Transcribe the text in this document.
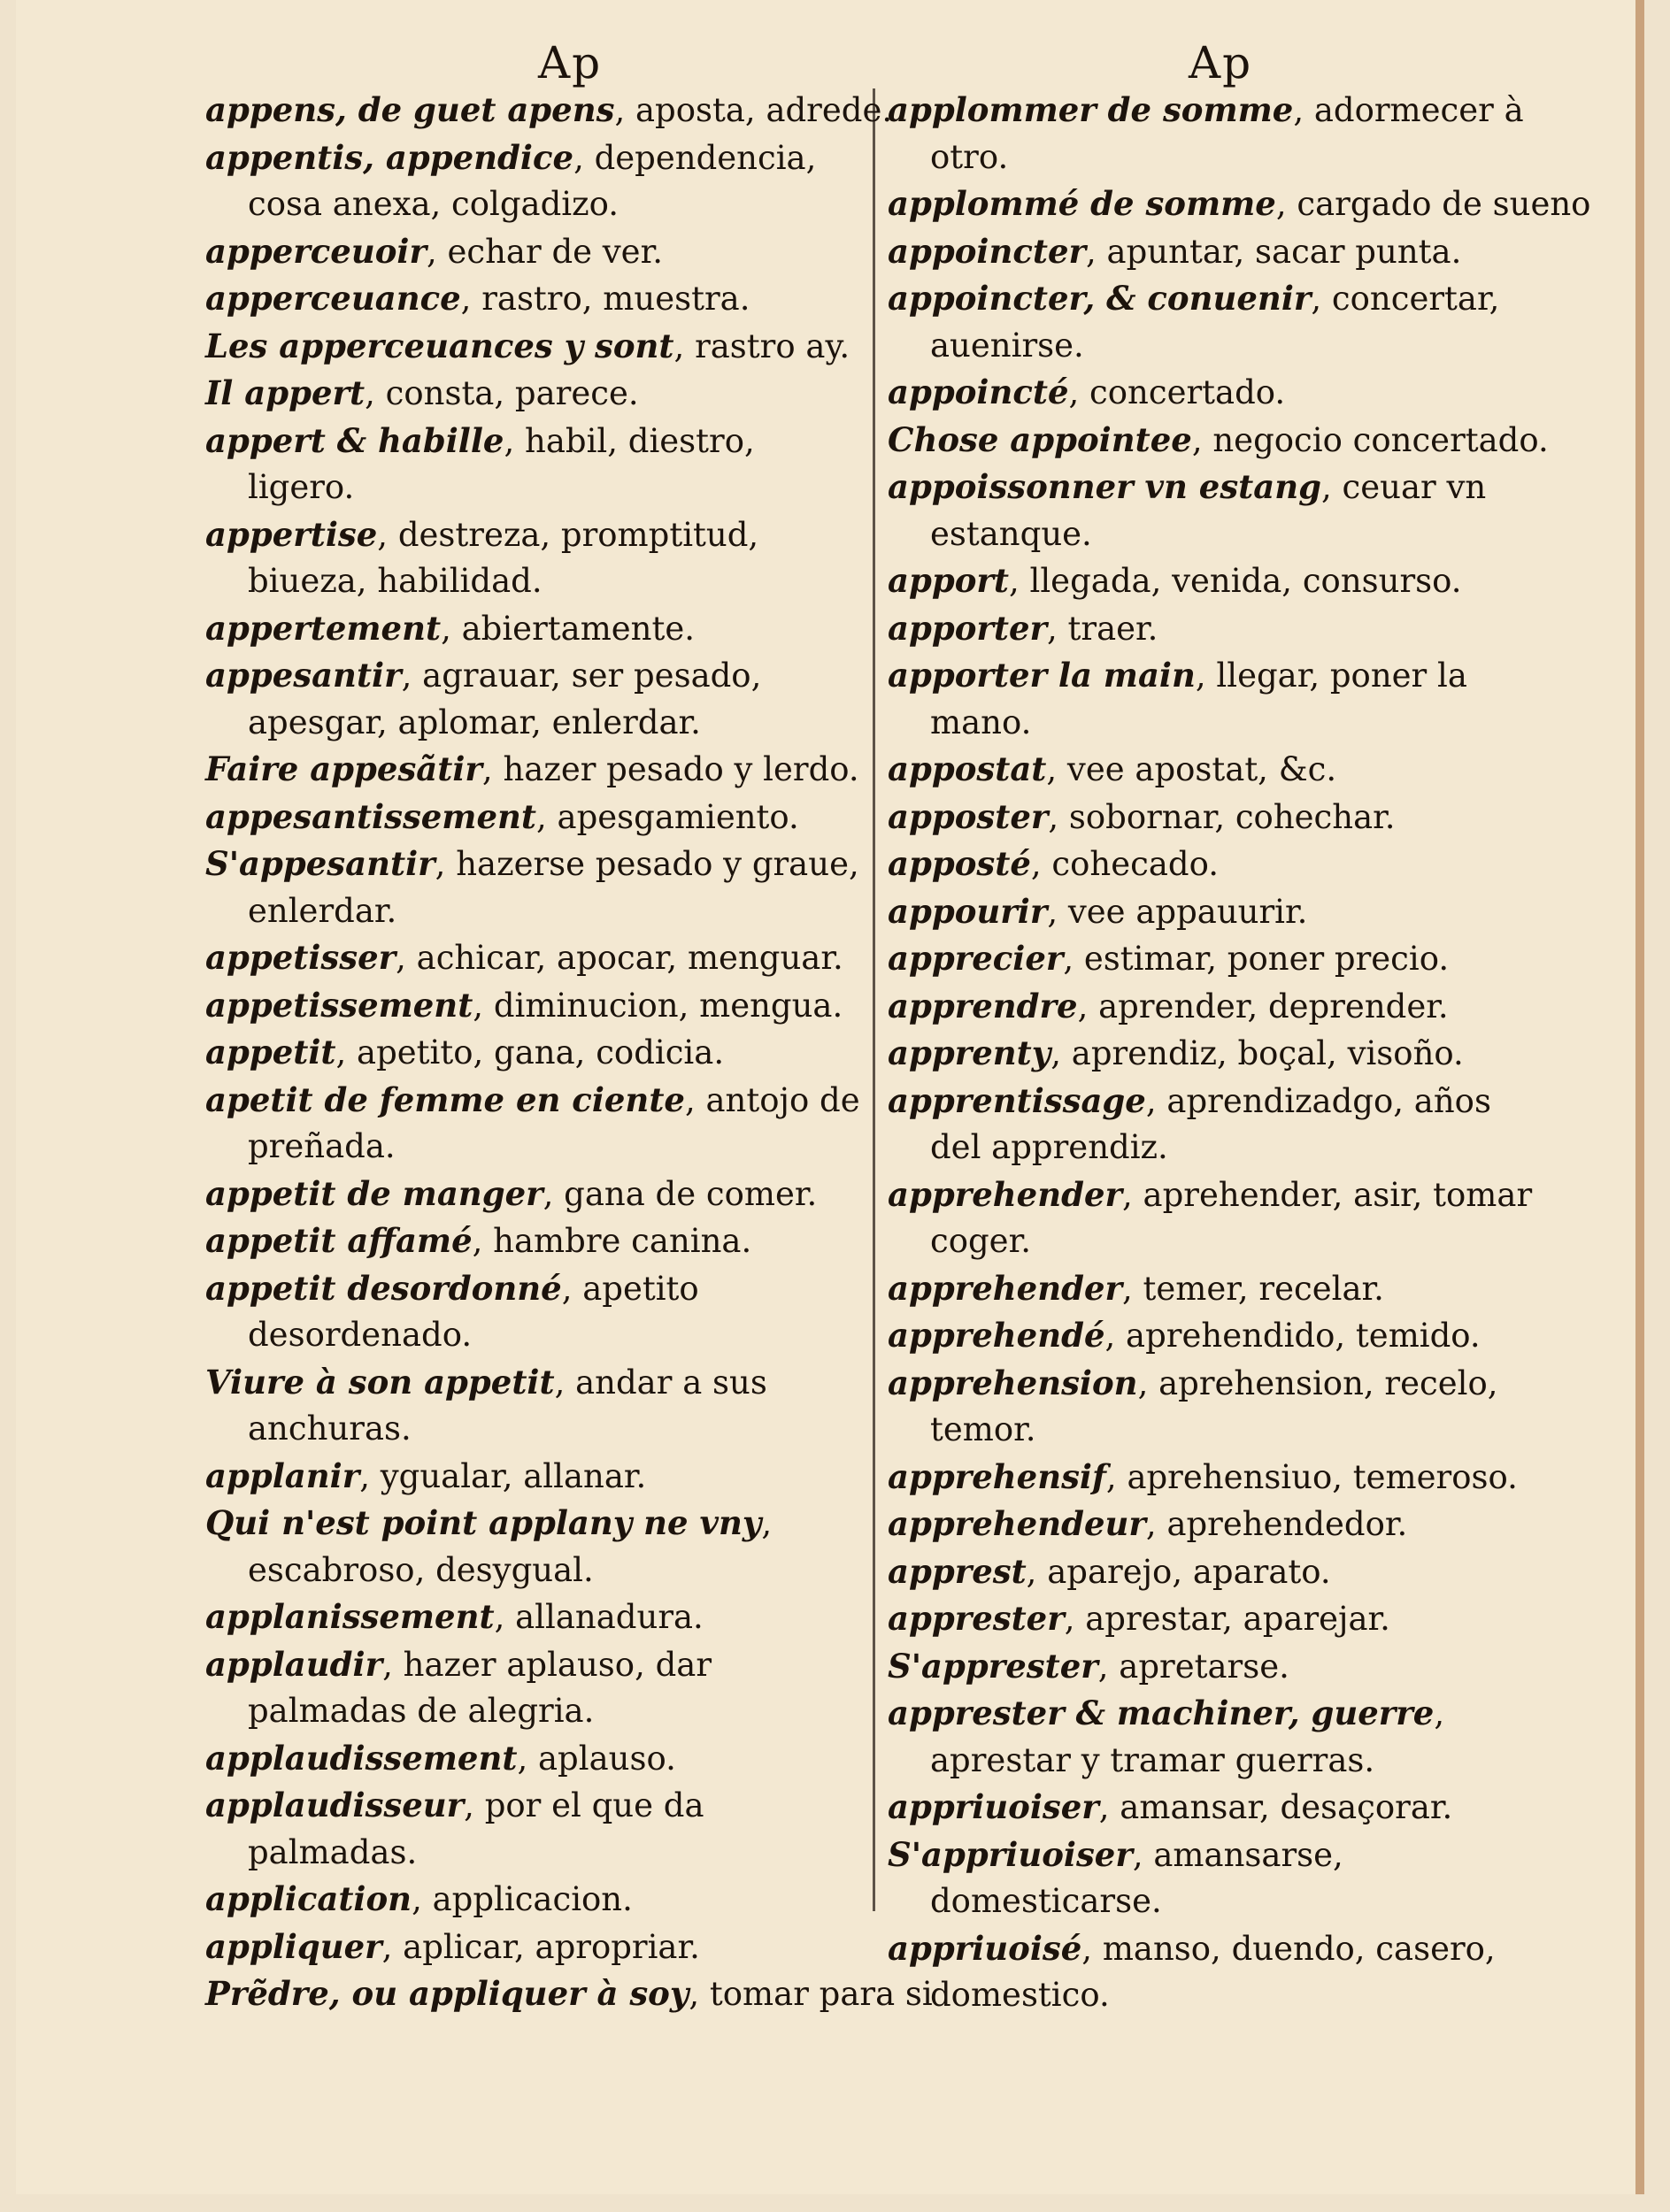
Ap	Ap
appens, de guet apens, aposta, adrede.
appentis, appendice, dependencia, cosa anexa, colgadizo.
apperceuoir, echar de ver.
apperceuance, rastro, muestra.
Les apperceuances y sont, rastro ay.
Il appert, consta, parece.
appert & habille, habil, diestro, ligero.
appertise, destreza, promptitud, biueza, habilidad.
appertement, abiertamente.
appesantir, agrauar, ser pesado, apesgar, aplomar, enlerdar.
Faire appesãtir, hazer pesado y lerdo.
appesantissement, apesgamiento.
S'appesantir, hazerse pesado y graue, enlerdar.
appetisser, achicar, apocar, menguar.
appetissement, diminucion, mengua.
appetit, apetito, gana, codicia.
apetit de femme en ciente, antojo de preñada.
appetit de manger, gana de comer.
appetit affamé, hambre canina.
appetit desordonné, apetito desordenado.
Viure à son appetit, andar a sus anchuras.
applanir, ygualar, allanar.
Qui n'est point applany ne vny, escabroso, desygual.
applanissement, allanadura.
applaudir, hazer aplauso, dar palmadas de alegria.
applaudissement, aplauso.
applaudisseur, por el que da palmadas.
application, applicacion.
appliquer, aplicar, apropriar.
Prẽdre, ou appliquer à soy, tomar para si
applommer de somme, adormecer à otro.
applommé de somme, cargado de sueno
appoincter, apuntar, sacar punta.
appoincter, & conuenir, concertar, auenirse.
appoincté, concertado.
Chose appointee, negocio concertado.
appoissonner vn estang, ceuar vn estanque.
apport, llegada, venida, consurso.
apporter, traer.
apporter la main, llegar, poner la mano.
appostat, vee apostat, &c.
apposter, sobornar, cohechar.
apposté, cohecado.
appourir, vee appauurir.
apprecier, estimar, poner precio.
apprendre, aprender, deprender.
apprenty, aprendiz, boçal, visoño.
apprentissage, aprendizadgo, años del apprendiz.
apprehender, aprehender, asir, tomar coger.
apprehender, temer, recelar.
apprehendé, aprehendido, temido.
apprehension, aprehension, recelo, temor.
apprehensif, aprehensiuo, temeroso.
apprehendeur, aprehendedor.
apprest, aparejo, aparato.
apprester, aprestar, aparejar.
S'apprester, apretarse.
apprester & machiner, guerre, aprestar y tramar guerras.
appriuoiser, amansar, desaçorar.
S'appriuoiser, amansarse, domesticarse.
appriuoisé, manso, duendo, casero, domestico.
